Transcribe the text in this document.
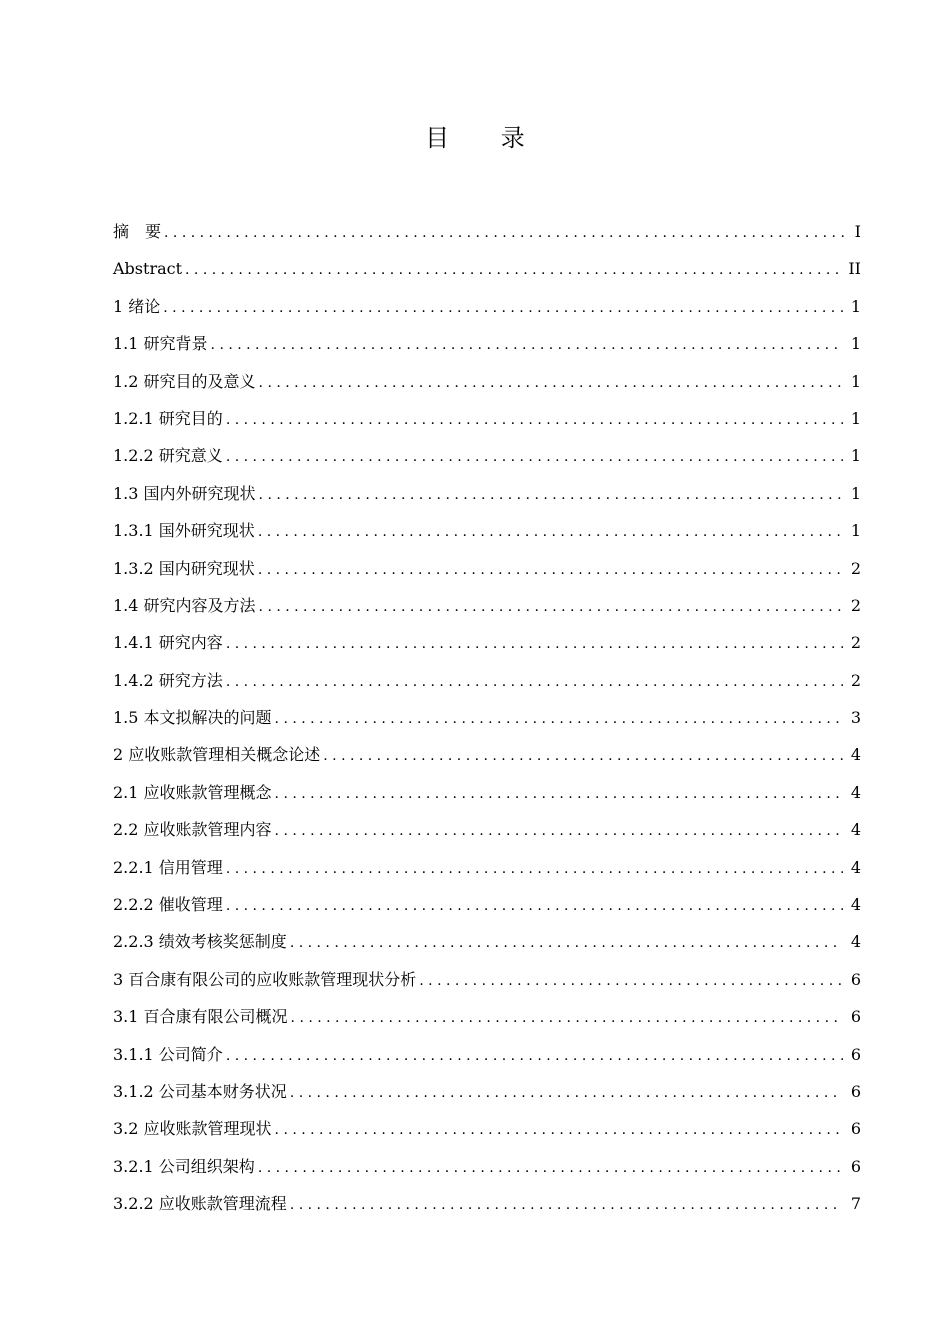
目 录
摘　要 . . .	I
Abstract . . .	II
1 绪论 . . .	1
1.1 研究背景 . . .	1
1.2 研究目的及意义 . . .	1
1.2.1 研究目的 . . .	1
1.2.2 研究意义 . . .	1
1.3 国内外研究现状 . . .	1
1.3.1 国外研究现状 . . .	1
1.3.2 国内研究现状 . . .	2
1.4 研究内容及方法 . . .	2
1.4.1 研究内容 . . .	2
1.4.2 研究方法 . . .	2
1.5 本文拟解决的问题 . . .	3
2 应收账款管理相关概念论述 . . .	4
2.1 应收账款管理概念 . . .	4
2.2 应收账款管理内容 . . .	4
2.2.1 信用管理 . . .	4
2.2.2 催收管理 . . .	4
2.2.3 绩效考核奖惩制度 . . .	4
3 百合康有限公司的应收账款管理现状分析 . . .	6
3.1 百合康有限公司概况 . . .	6
3.1.1 公司简介 . . .	6
3.1.2 公司基本财务状况 . . .	6
3.2 应收账款管理现状 . . .	6
3.2.1 公司组织架构 . . .	6
3.2.2 应收账款管理流程 . . .	7
